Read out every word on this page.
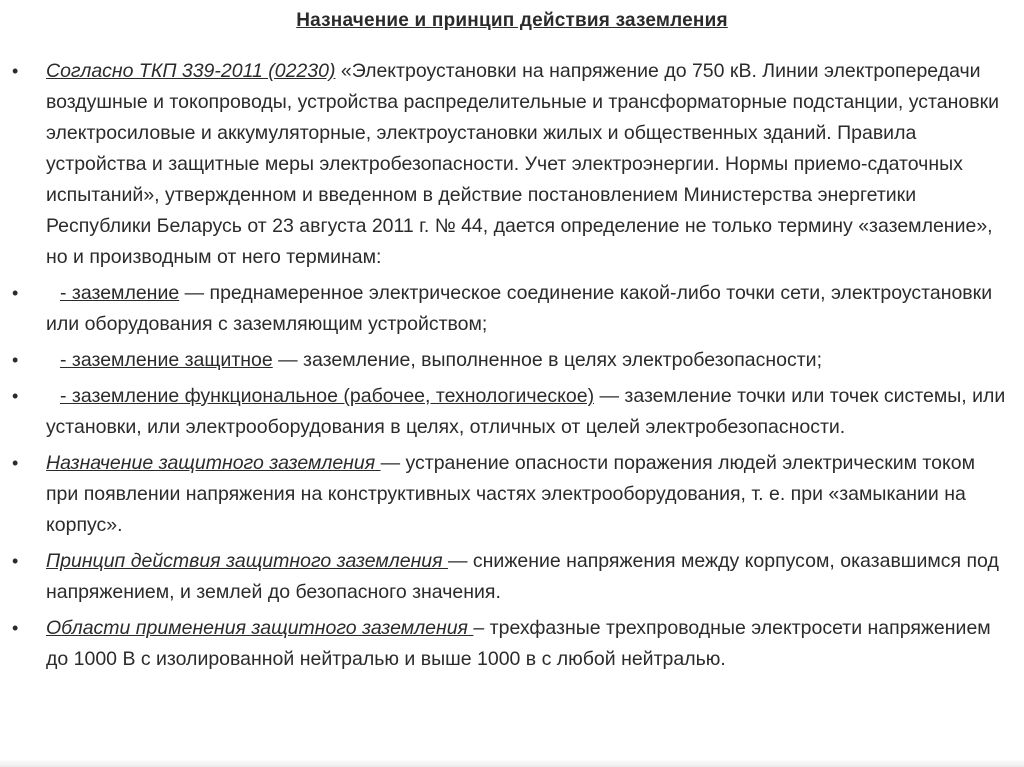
Назначение и принцип действия заземления
• Согласно ТКП 339-2011 (02230) «Электроустановки на напряжение до 750 кВ. Линии электропередачи воздушные и токопроводы, устройства распределительные и трансформаторные подстанции, установки электросиловые и аккумуляторные, электроустановки жилых и общественных зданий. Правила устройства и защитные меры электробезопасности. Учет электроэнергии. Нормы приемо-сдаточных испытаний», утвержденном и введенном в действие постановлением Министерства энергетики Республики Беларусь от 23 августа 2011 г. № 44, дается определение не только термину «заземление», но и производным от него терминам:
• - заземление — преднамеренное электрическое соединение какой-либо точки сети, электроустановки или оборудования с заземляющим устройством;
• - заземление защитное — заземление, выполненное в целях электробезопасности;
• - заземление функциональное (рабочее, технологическое) — заземление точки или точек системы, или установки, или электрооборудования в целях, отличных от целей электробезопасности.
• Назначение защитного заземления — устранение опасности поражения людей электрическим током при появлении напряжения на конструктивных частях электрооборудования, т. е. при «замыкании на корпус».
• Принцип действия защитного заземления — снижение напряжения между корпусом, оказавшимся под напряжением, и землей до безопасного значения.
• Области применения защитного заземления – трехфазные трехпроводные электросети напряжением до 1000 В с изолированной нейтралью и выше 1000 в с любой нейтралью.
